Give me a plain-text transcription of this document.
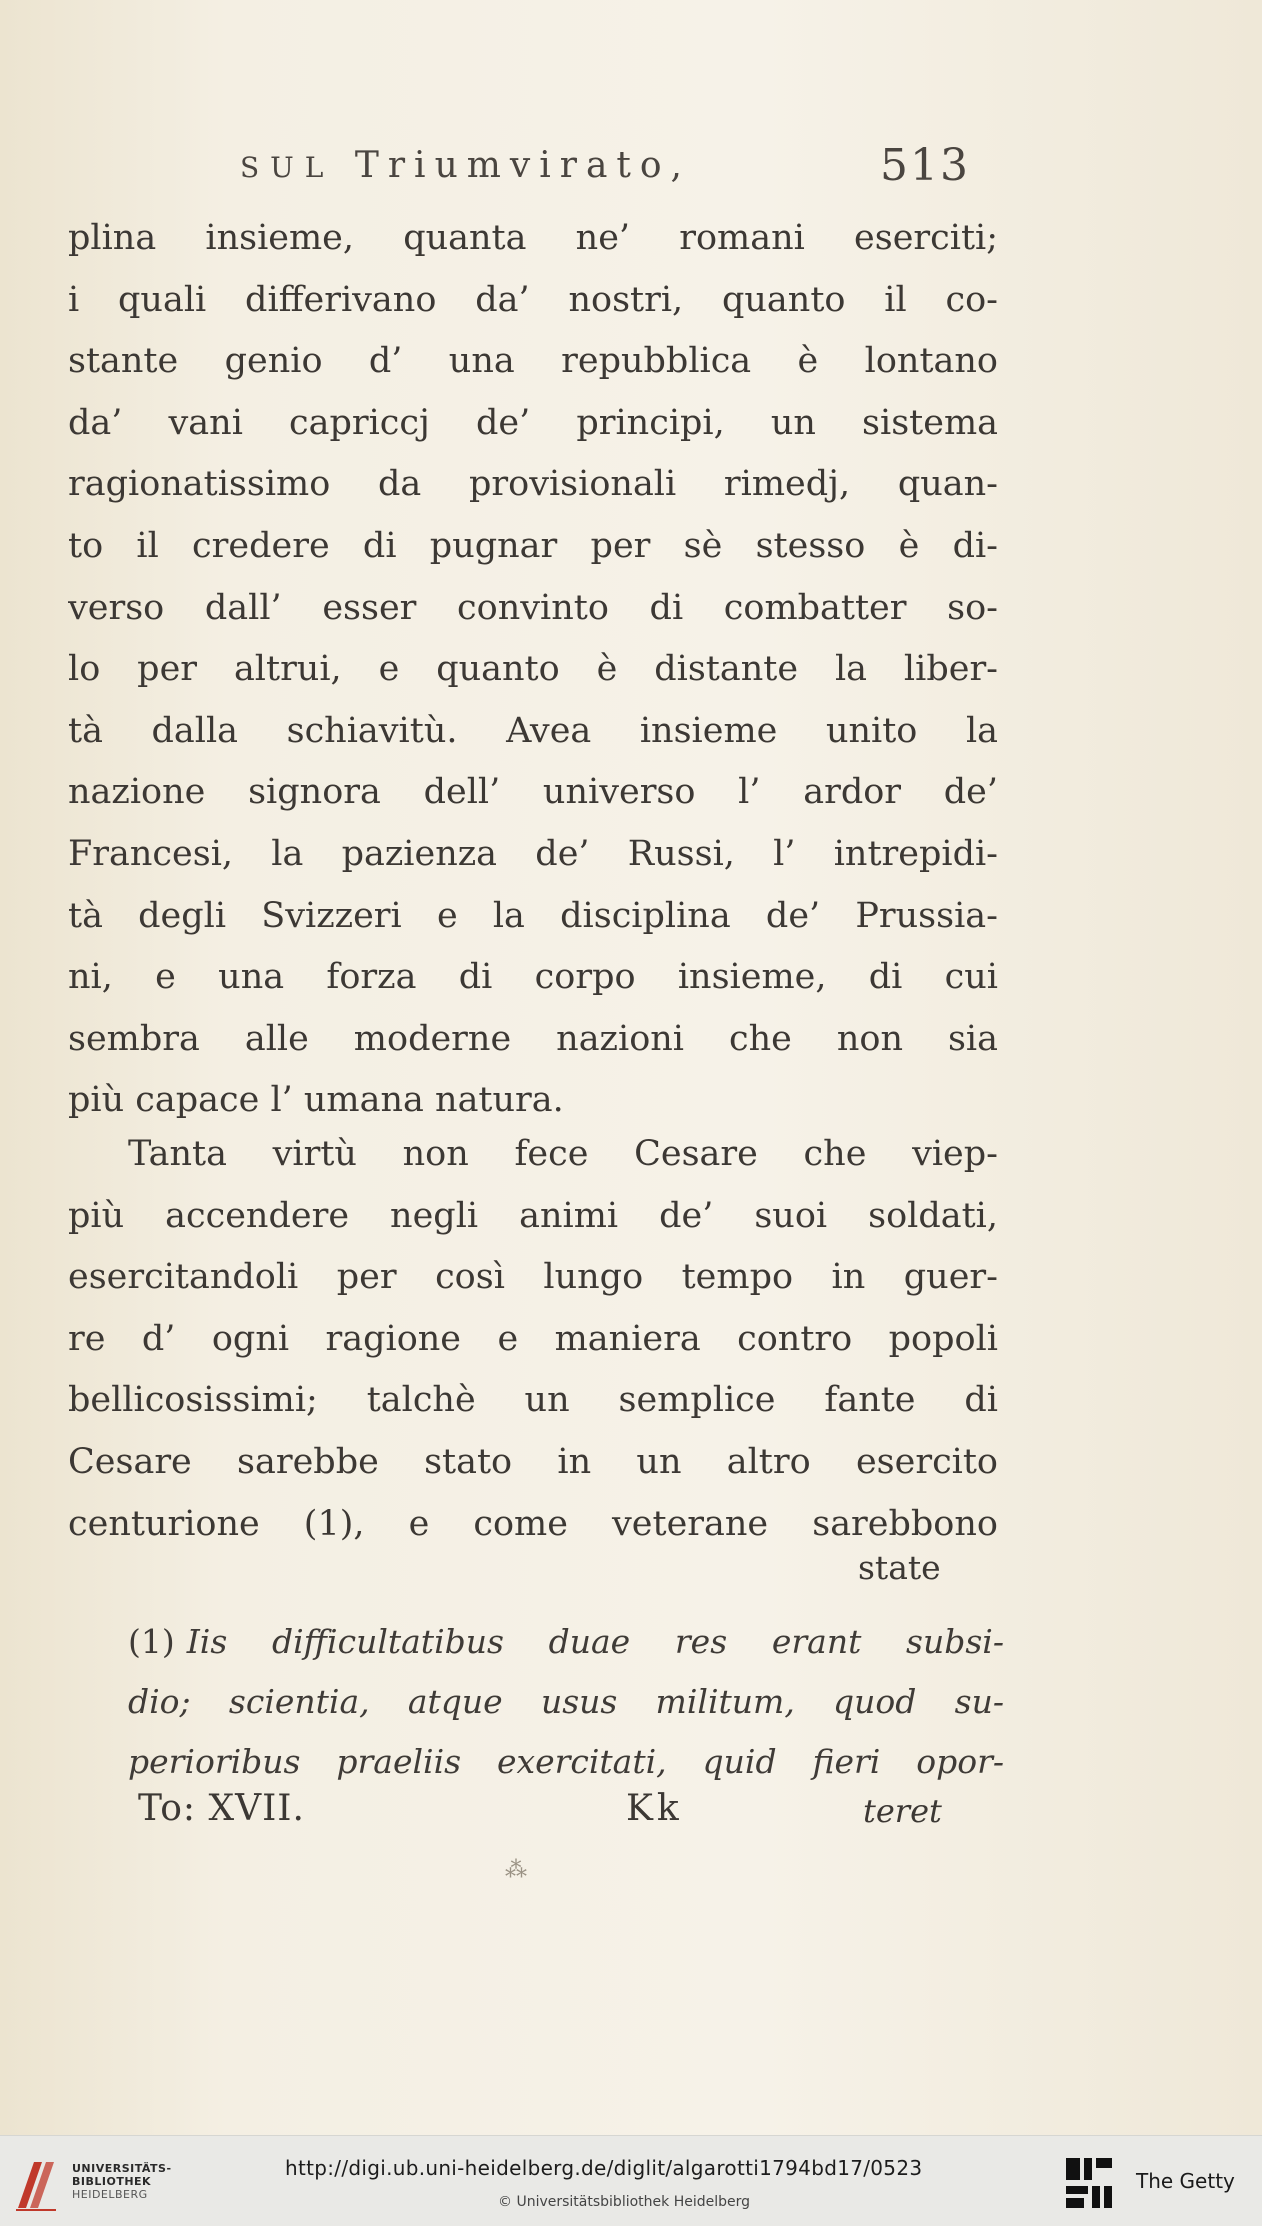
SUL Triumvirato,	513
plina insieme, quanta ne’ romani eserciti;
i quali differivano da’ nostri, quanto il co-
stante genio d’ una repubblica è lontano
da’ vani capriccj de’ principi, un sistema
ragionatissimo da provisionali rimedj, quan-
to il credere di pugnar per sè stesso è di-
verso dall’ esser convinto di combatter so-
lo per altrui, e quanto è distante la liber-
tà dalla schiavitù. Avea insieme unito la
nazione signora dell’ universo l’ ardor de’
Francesi, la pazienza de’ Russi, l’ intrepidi-
tà degli Svizzeri e la disciplina de’ Prussia-
ni, e una forza di corpo insieme, di cui
sembra alle moderne nazioni che non sia
più capace l’ umana natura.
Tanta virtù non fece Cesare che viep-
più accendere negli animi de’ suoi soldati,
esercitandoli per così lungo tempo in guer-
re d’ ogni ragione e maniera contro popoli
bellicosissimi; talchè un semplice fante di
Cesare sarebbe stato in un altro esercito
centurione (1), e come veterane sarebbono
state
(1) Iis difficultatibus duae res erant subsi-
dio; scientia, atque usus militum, quod su-
perioribus praeliis exercitati, quid fieri opor-
To: XVII.	Kk	teret
⁂
UNIVERSITÄTS-
BIBLIOTHEK
HEIDELBERG
http://digi.ub.uni-heidelberg.de/diglit/algarotti1794bd17/0523
© Universitätsbibliothek Heidelberg
The Getty
